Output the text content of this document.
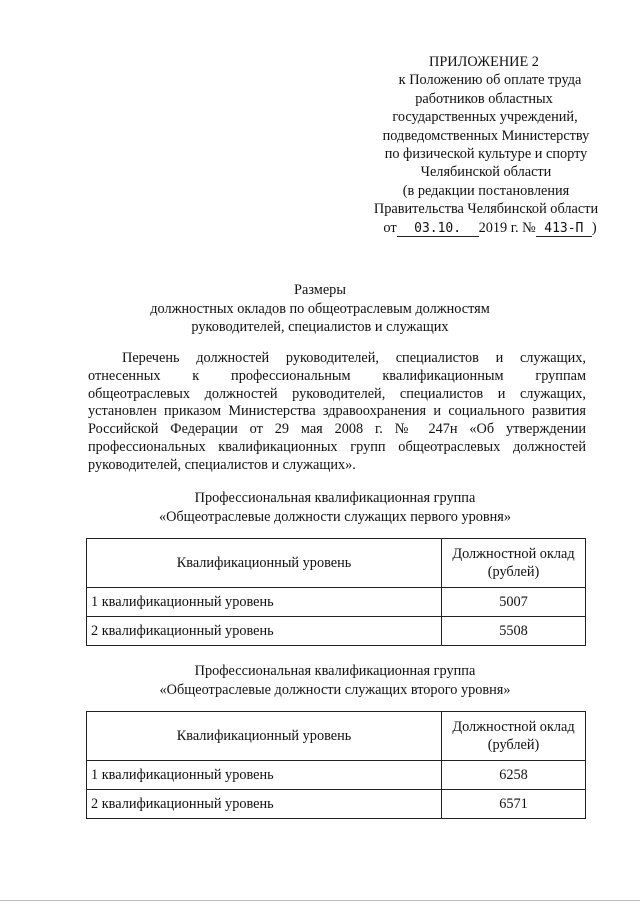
ПРИЛОЖЕНИЕ 2
к Положению об оплате труда
работников областных
государственных учреждений,
подведомственных Министерству
по физической культуре и спорту
Челябинской области
(в редакции постановления
Правительства Челябинской области
от 03.10. 2019 г. № 413-П )
Размеры
должностных окладов по общеотраслевым должностям
руководителей, специалистов и служащих
Перечень должностей руководителей, специалистов и служащих,
отнесенных к профессиональным квалификационным группам
общеотраслевых должностей руководителей, специалистов и служащих,
установлен приказом Министерства здравоохранения и социального развития
Российской Федерации от 29 мая 2008 г. № 247н «Об утверждении
профессиональных квалификационных групп общеотраслевых должностей
руководителей, специалистов и служащих».
Профессиональная квалификационная группа
«Общеотраслевые должности служащих первого уровня»
Квалификационный уровень	Должностной оклад
(рублей)

1 квалификационный уровень	5007
2 квалификационный уровень	5508
Профессиональная квалификационная группа
«Общеотраслевые должности служащих второго уровня»
Квалификационный уровень	Должностной оклад
(рублей)

1 квалификационный уровень	6258
2 квалификационный уровень	6571
